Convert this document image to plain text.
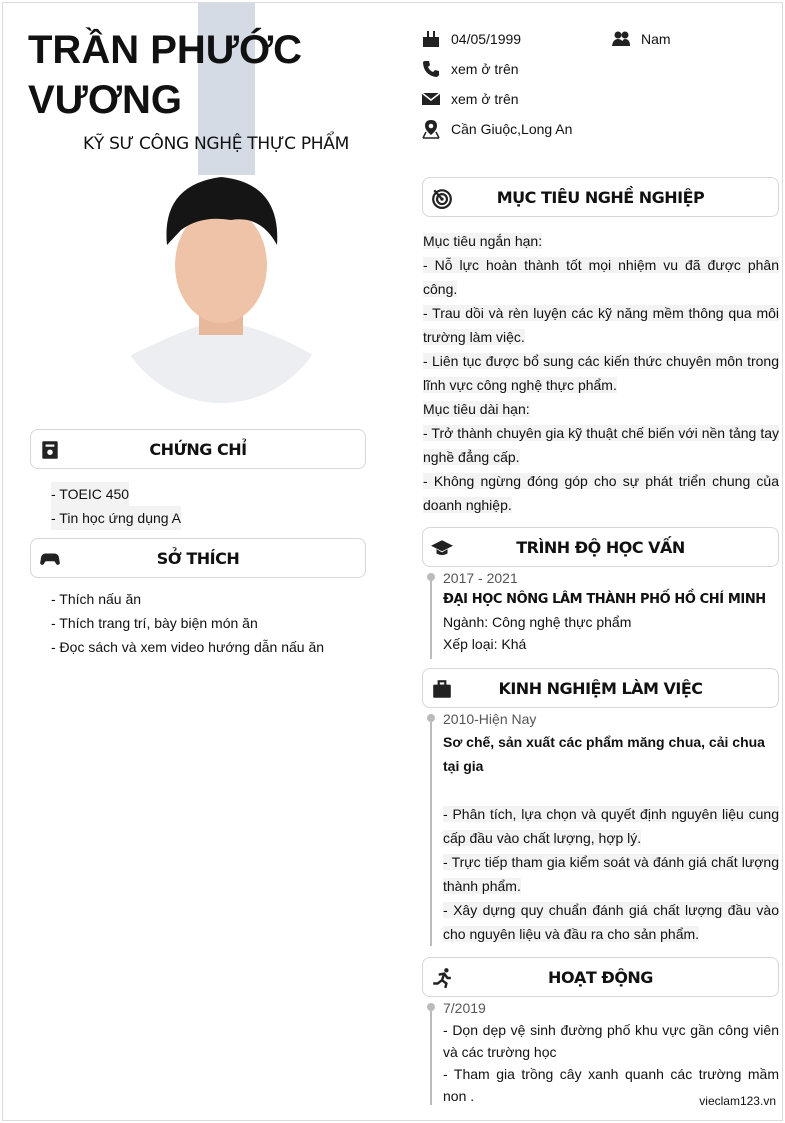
TRẦN PHƯỚC VƯƠNG
KỸ SƯ CÔNG NGHỆ THỰC PHẨM
CHỨNG CHỈ
- TOEIC 450
- Tin học ứng dụng A
SỞ THÍCH
- Thích nấu ăn
- Thích trang trí, bày biện món ăn
- Đọc sách và xem video hướng dẫn nấu ăn
04/05/1999	Nam
xem ở trên
xem ở trên
Cần Giuộc,Long An
MỤC TIÊU NGHỀ NGHIỆP
Mục tiêu ngắn hạn:
- Nỗ lực hoàn thành tốt mọi nhiệm vu đã được phân công.
- Trau dồi và rèn luyện các kỹ năng mềm thông qua môi trường làm việc.
- Liên tục được bổ sung các kiến thức chuyên môn trong lĩnh vực công nghệ thực phẩm.
Mục tiêu dài hạn:
- Trở thành chuyên gia kỹ thuật chế biến với nền tảng tay nghề đẳng cấp.
- Không ngừng đóng góp cho sự phát triển chung của doanh nghiệp.
TRÌNH ĐỘ HỌC VẤN
2017 - 2021
ĐẠI HỌC NÔNG LÂM THÀNH PHỐ HỒ CHÍ MINH
Ngành: Công nghệ thực phẩm
Xếp loại: Khá
KINH NGHIỆM LÀM VIỆC
2010-Hiện Nay
Sơ chế, sản xuất các phẩm măng chua, cải chua tại gia
- Phân tích, lựa chọn và quyết định nguyên liệu cung cấp đầu vào chất lượng, hợp lý.
- Trực tiếp tham gia kiểm soát và đánh giá chất lượng thành phẩm.
- Xây dựng quy chuẩn đánh giá chất lượng đầu vào cho nguyên liệu và đầu ra cho sản phẩm.
HOẠT ĐỘNG
7/2019
- Dọn dẹp vệ sinh đường phố khu vực gần công viên và các trường học
- Tham gia trồng cây xanh quanh các trường mầm non .	vieclam123.vn
